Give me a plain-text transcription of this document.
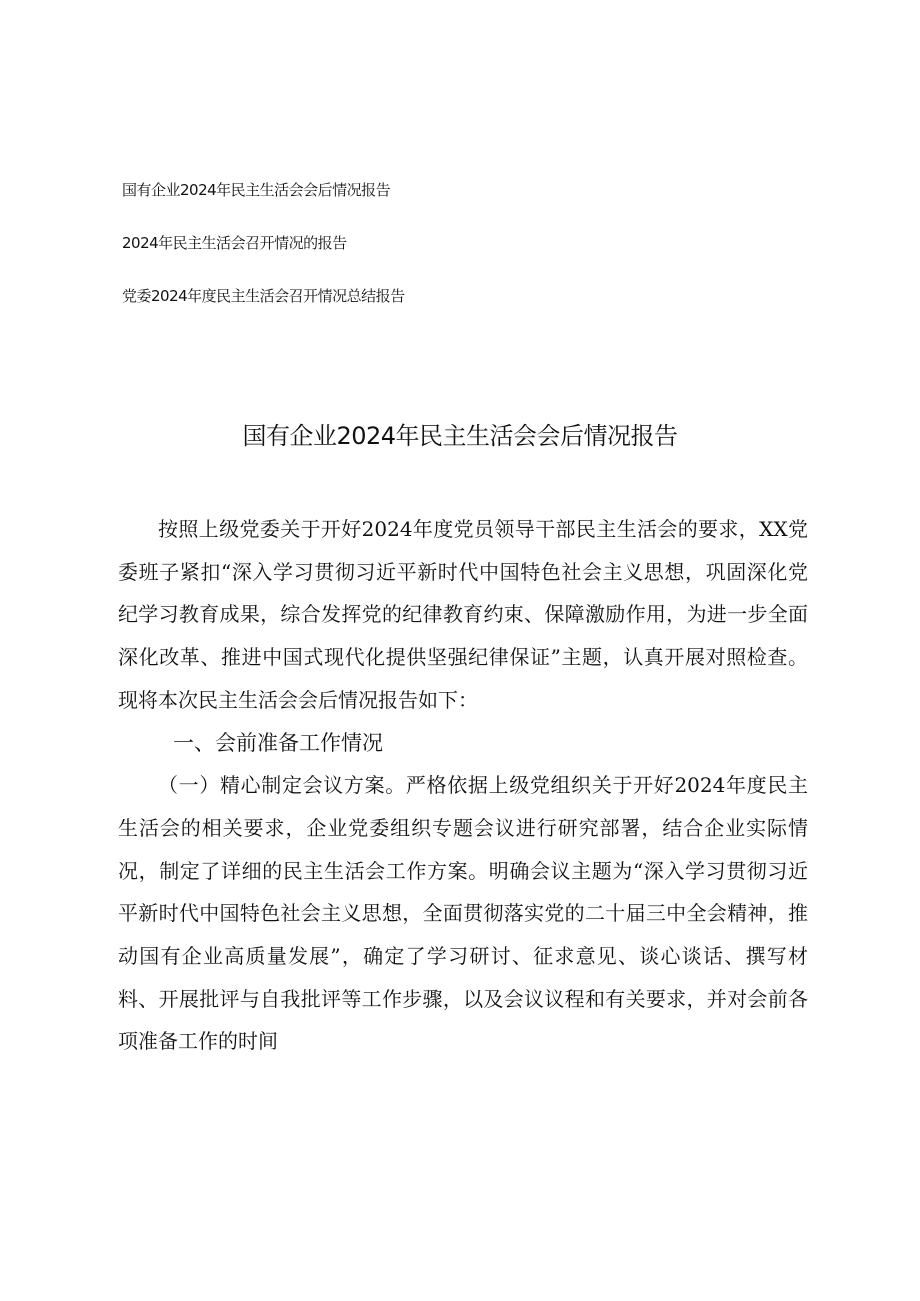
国有企业2024年民主生活会会后情况报告
2024年民主生活会召开情况的报告
党委2024年度民主生活会召开情况总结报告
国有企业2024年民主生活会会后情况报告

按照上级党委关于开好2024年度党员领导干部民主生活会的要求，XX党委班子紧扣“深入学习贯彻习近平新时代中国特色社会主义思想，巩固深化党纪学习教育成果，综合发挥党的纪律教育约束、保障激励作用，为进一步全面深化改革、推进中国式现代化提供坚强纪律保证”主题，认真开展对照检查。现将本次民主生活会会后情况报告如下：

一、会前准备工作情况

（一）精心制定会议方案。严格依据上级党组织关于开好2024年度民主生活会的相关要求，企业党委组织专题会议进行研究部署，结合企业实际情况，制定了详细的民主生活会工作方案。明确会议主题为“深入学习贯彻习近平新时代中国特色社会主义思想，全面贯彻落实党的二十届三中全会精神，推动国有企业高质量发展”，确定了学习研讨、征求意见、谈心谈话、撰写材料、开展批评与自我批评等工作步骤，以及会议议程和有关要求，并对会前各项准备工作的时间
